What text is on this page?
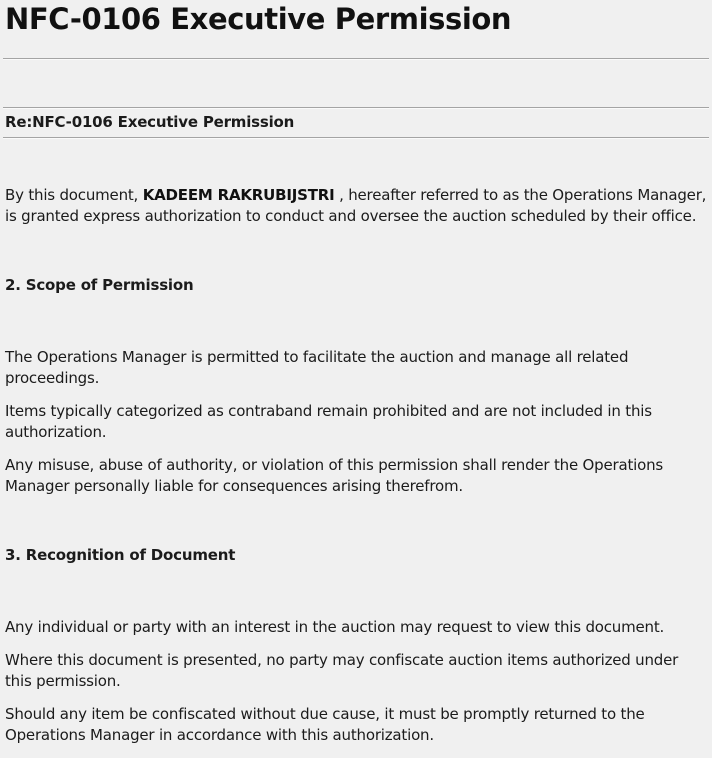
NFC-0106 Executive Permission

Re:NFC-0106 Executive Permission

By this document, KADEEM RAKRUBIJSTRI , hereafter referred to as the Operations Manager, is granted express authorization to conduct and oversee the auction scheduled by their office.

2. Scope of Permission

The Operations Manager is permitted to facilitate the auction and manage all related proceedings.

Items typically categorized as contraband remain prohibited and are not included in this authorization.

Any misuse, abuse of authority, or violation of this permission shall render the Operations Manager personally liable for consequences arising therefrom.

3. Recognition of Document

Any individual or party with an interest in the auction may request to view this document.

Where this document is presented, no party may confiscate auction items authorized under this permission.

Should any item be confiscated without due cause, it must be promptly returned to the Operations Manager in accordance with this authorization.
